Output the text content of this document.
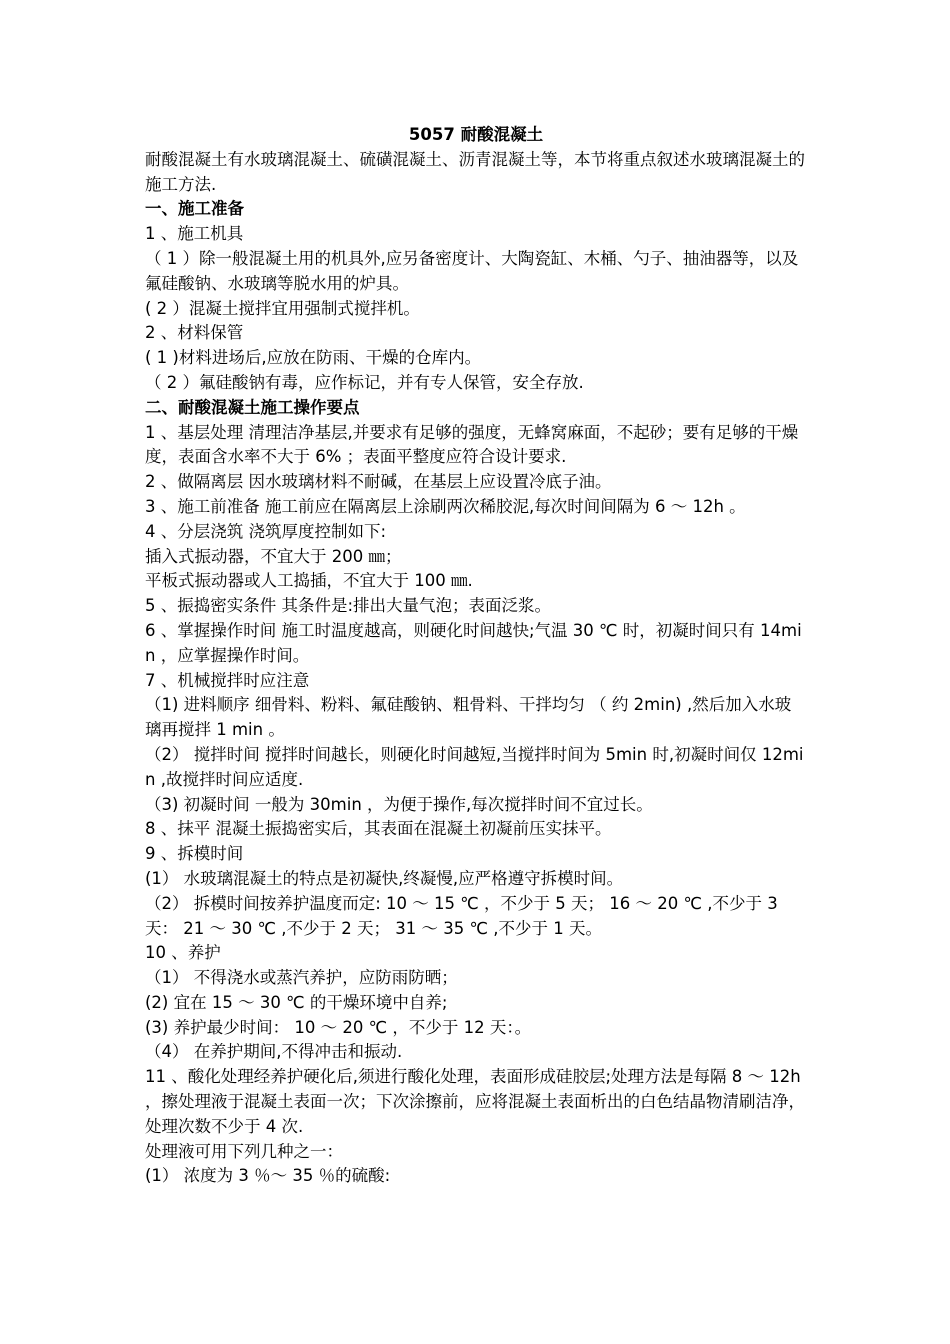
5057 耐酸混凝土

耐酸混凝土有水玻璃混凝土、硫磺混凝土、沥青混凝土等，本节将重点叙述水玻璃混凝土的施工方法.

一、施工准备

1 、施工机具

（ 1 ）除一般混凝土用的机具外,应另备密度计、大陶瓷缸、木桶、勺子、抽油器等，以及氟硅酸钠、水玻璃等脱水用的炉具。

( 2 ）混凝土搅拌宜用强制式搅拌机。

2 、材料保管

( 1 )材料进场后,应放在防雨、干燥的仓库内。

（ 2 ）氟硅酸钠有毒，应作标记，并有专人保管，安全存放.

二、耐酸混凝土施工操作要点

1 、基层处理 清理洁净基层,并要求有足够的强度，无蜂窝麻面，不起砂；要有足够的干燥度，表面含水率不大于 6% ；表面平整度应符合设计要求.

2 、做隔离层 因水玻璃材料不耐碱，在基层上应设置冷底子油。

3 、施工前准备 施工前应在隔离层上涂刷两次稀胶泥,每次时间间隔为 6 ～ 12h 。

4 、分层浇筑 浇筑厚度控制如下:

插入式振动器，不宜大于 200 ㎜；

平板式振动器或人工捣插，不宜大于 100 ㎜.

5 、振捣密实条件 其条件是:排出大量气泡；表面泛浆。

6 、掌握操作时间 施工时温度越高，则硬化时间越快;气温 30 ℃ 时，初凝时间只有 14min ，应掌握操作时间。

7 、机械搅拌时应注意

（1) 进料顺序 细骨料、粉料、氟硅酸钠、粗骨料、干拌均匀 （ 约 2min) ,然后加入水玻璃再搅拌 1 min 。

（2） 搅拌时间 搅拌时间越长，则硬化时间越短,当搅拌时间为 5min 时,初凝时间仅 12min ,故搅拌时间应适度.

（3) 初凝时间 一般为 30min ，为便于操作,每次搅拌时间不宜过长。

8 、抹平 混凝土振捣密实后，其表面在混凝土初凝前压实抹平。

9 、拆模时间

(1） 水玻璃混凝土的特点是初凝快,终凝慢,应严格遵守拆模时间。

（2） 拆模时间按养护温度而定: 10 ～ 15 ℃ ，不少于 5 天； 16 ～ 20 ℃ ,不少于 3 天： 21 ～ 30 ℃ ,不少于 2 天； 31 ～ 35 ℃ ,不少于 1 天。

10 、养护

（1） 不得浇水或蒸汽养护，应防雨防晒；

(2) 宜在 15 ～ 30 ℃ 的干燥环境中自养;

(3) 养护最少时间： 10 ～ 20 ℃ ，不少于 12 天：。

（4） 在养护期间,不得冲击和振动.

11 、酸化处理经养护硬化后,须进行酸化处理，表面形成硅胶层;处理方法是每隔 8 ～ 12h ，擦处理液于混凝土表面一次；下次涂擦前，应将混凝土表面析出的白色结晶物清刷洁净，处理次数不少于 4 次.

处理液可用下列几种之一：

(1） 浓度为 3 ％～ 35 ％的硫酸:
